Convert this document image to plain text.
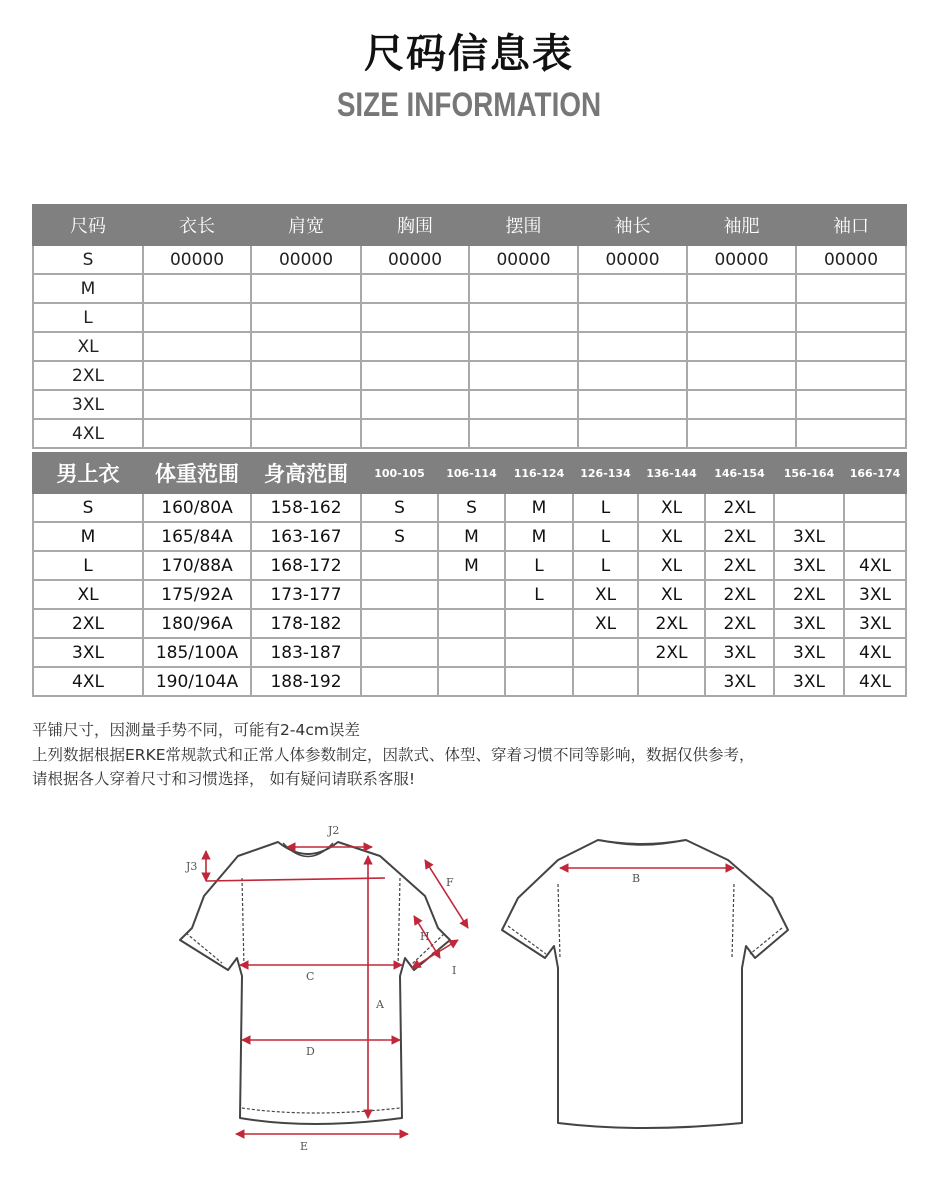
尺码信息表
SIZE INFORMATION
尺码	衣长	肩宽	胸围	摆围	袖长	袖肥	袖口
S	00000	00000	00000	00000	00000	00000	00000
M							
L							
XL							
2XL							
3XL							
4XL							
男上衣	体重范围	身高范围	100-105	106-114	116-124	126-134	136-144	146-154	156-164	166-174
S	160/80A	158-162	S	S	M	L	XL	2XL		
M	165/84A	163-167	S	M	M	L	XL	2XL	3XL	
L	170/88A	168-172		M	L	L	XL	2XL	3XL	4XL
XL	175/92A	173-177			L	XL	XL	2XL	2XL	3XL
2XL	180/96A	178-182				XL	2XL	2XL	3XL	3XL
3XL	185/100A	183-187					2XL	3XL	3XL	4XL
4XL	190/104A	188-192						3XL	3XL	4XL
平铺尺寸，因测量手势不同，可能有2-4cm误差
上列数据根据ERKE常规款式和正常人体参数制定，因款式、体型、穿着习惯不同等影响，数据仅供参考，
请根据各人穿着尺寸和习惯选择， 如有疑问请联系客服!
J2
J3
A
C
D
E
F
H
I
B
